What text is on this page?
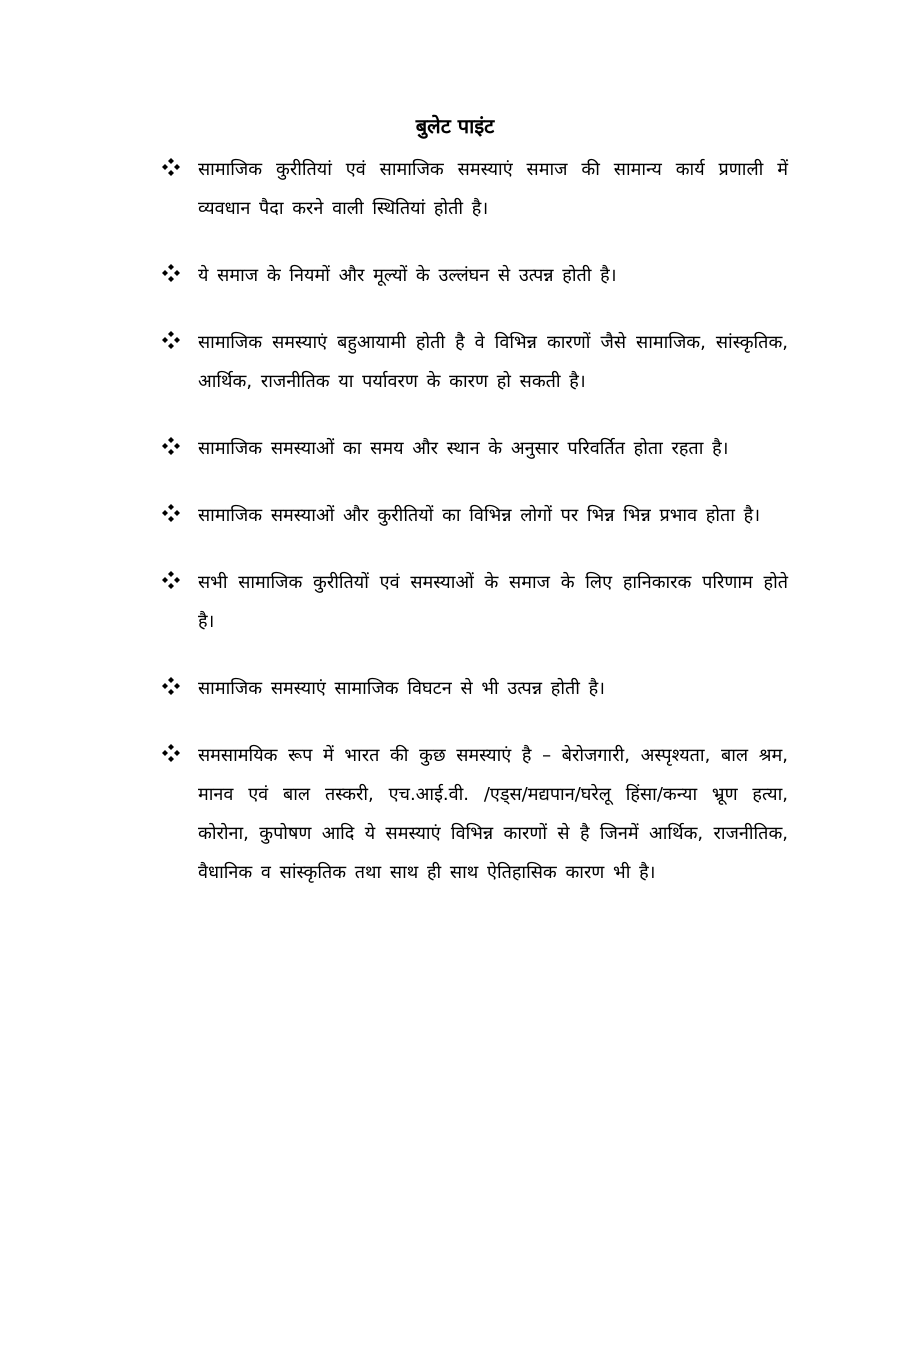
बुलेट पाइंट
सामाजिक कुरीतियां एवं सामाजिक समस्याएं समाज की सामान्य कार्य प्रणाली में व्यवधान पैदा करने वाली स्थितियां होती है।
ये समाज के नियमों और मूल्यों के उल्लंघन से उत्पन्न होती है।
सामाजिक समस्याएं बहुआयामी होती है वे विभिन्न कारणों जैसे सामाजिक, सांस्कृतिक, आर्थिक, राजनीतिक या पर्यावरण के कारण हो सकती है।
सामाजिक समस्याओं का समय और स्थान के अनुसार परिवर्तित होता रहता है।
सामाजिक समस्याओं और कुरीतियों का विभिन्न लोगों पर भिन्न भिन्न प्रभाव होता है।
सभी सामाजिक कुरीतियों एवं समस्याओं के समाज के लिए हानिकारक परिणाम होते है।
सामाजिक समस्याएं सामाजिक विघटन से भी उत्पन्न होती है।
समसामयिक रूप में भारत की कुछ समस्याएं है – बेरोजगारी, अस्पृश्यता, बाल श्रम, मानव एवं बाल तस्करी, एच.आई.वी. /एड्स/मद्यपान/घरेलू हिंसा/कन्या भ्रूण हत्या, कोरोना, कुपोषण आदि ये समस्याएं विभिन्न कारणों से है जिनमें आर्थिक, राजनीतिक, वैधानिक व सांस्कृतिक तथा साथ ही साथ ऐतिहासिक कारण भी है।
